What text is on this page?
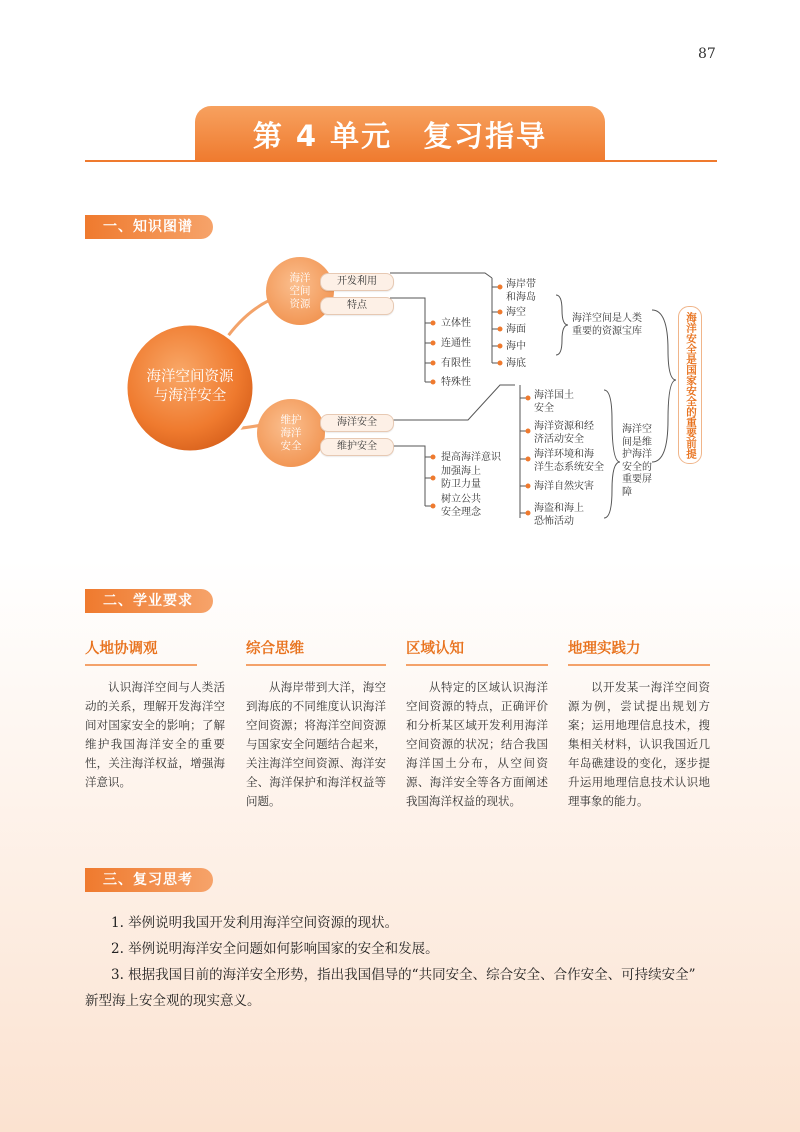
87
第 4 单元　复习指导
一、知识图谱
海洋空间资源
与海洋安全
海洋
空间
资源
维护
海洋
安全
开发利用
特点
海洋安全
维护安全
立体性
连通性
有限性
特殊性
海岸带
和海岛
海空
海面
海中
海底
海洋空间是人类
重要的资源宝库
海洋国土
安全
海洋资源和经
济活动安全
海洋环境和海
洋生态系统安全
海洋自然灾害
海盗和海上
恐怖活动
海洋空
间是维
护海洋
安全的
重要屏
障
提高海洋意识
加强海上
防卫力量
树立公共
安全理念
海洋安全是国家安全的重要前提
二、学业要求
人地协调观
认识海洋空间与人类活动的关系，理解开发海洋空间对国家安全的影响；了解维护我国海洋安全的重要性，关注海洋权益，增强海洋意识。
综合思维
从海岸带到大洋，海空到海底的不同维度认识海洋空间资源；将海洋空间资源与国家安全问题结合起来，关注海洋空间资源、海洋安全、海洋保护和海洋权益等问题。
区域认知
从特定的区域认识海洋空间资源的特点，正确评价和分析某区域开发利用海洋空间资源的状况；结合我国海洋国土分布，从空间资源、海洋安全等各方面阐述我国海洋权益的现状。
地理实践力
以开发某一海洋空间资源为例，尝试提出规划方案；运用地理信息技术，搜集相关材料，认识我国近几年岛礁建设的变化，逐步提升运用地理信息技术认识地理事象的能力。
三、复习思考
1. 举例说明我国开发利用海洋空间资源的现状。
2. 举例说明海洋安全问题如何影响国家的安全和发展。
3. 根据我国目前的海洋安全形势，指出我国倡导的“共同安全、综合安全、合作安全、可持续安全”
新型海上安全观的现实意义。
